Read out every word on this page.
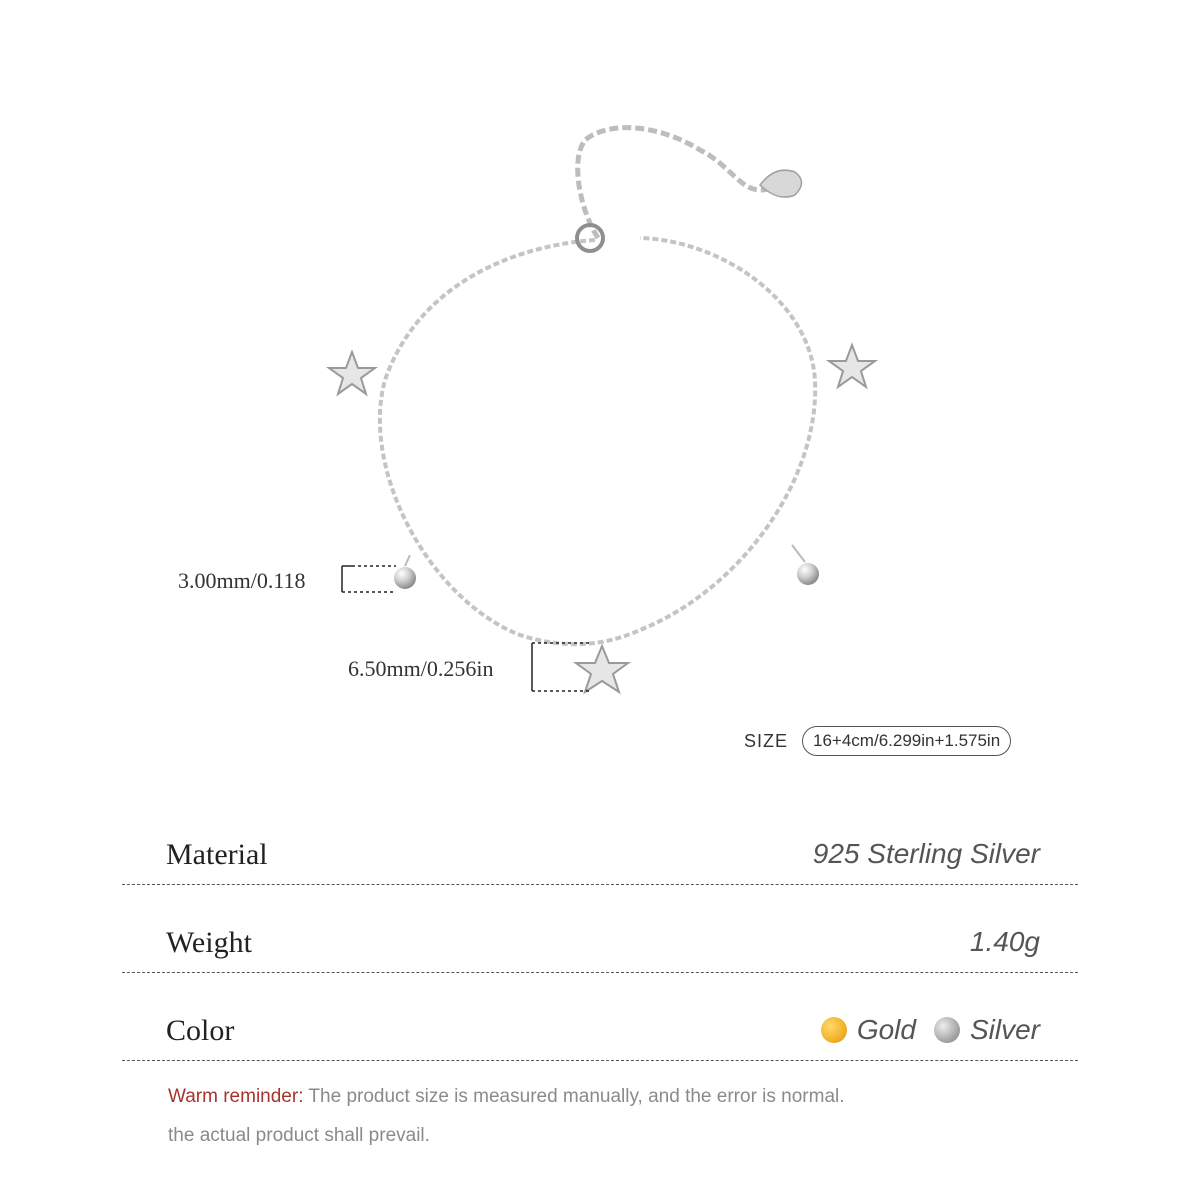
3.00mm/0.118
6.50mm/0.256in
SIZE	16+4cm/6.299in+1.575in
Material	925 Sterling Silver
Weight	1.40g
Color	Gold Silver
Warm reminder: The product size is measured manually, and the error is normal.
the actual product shall prevail.
